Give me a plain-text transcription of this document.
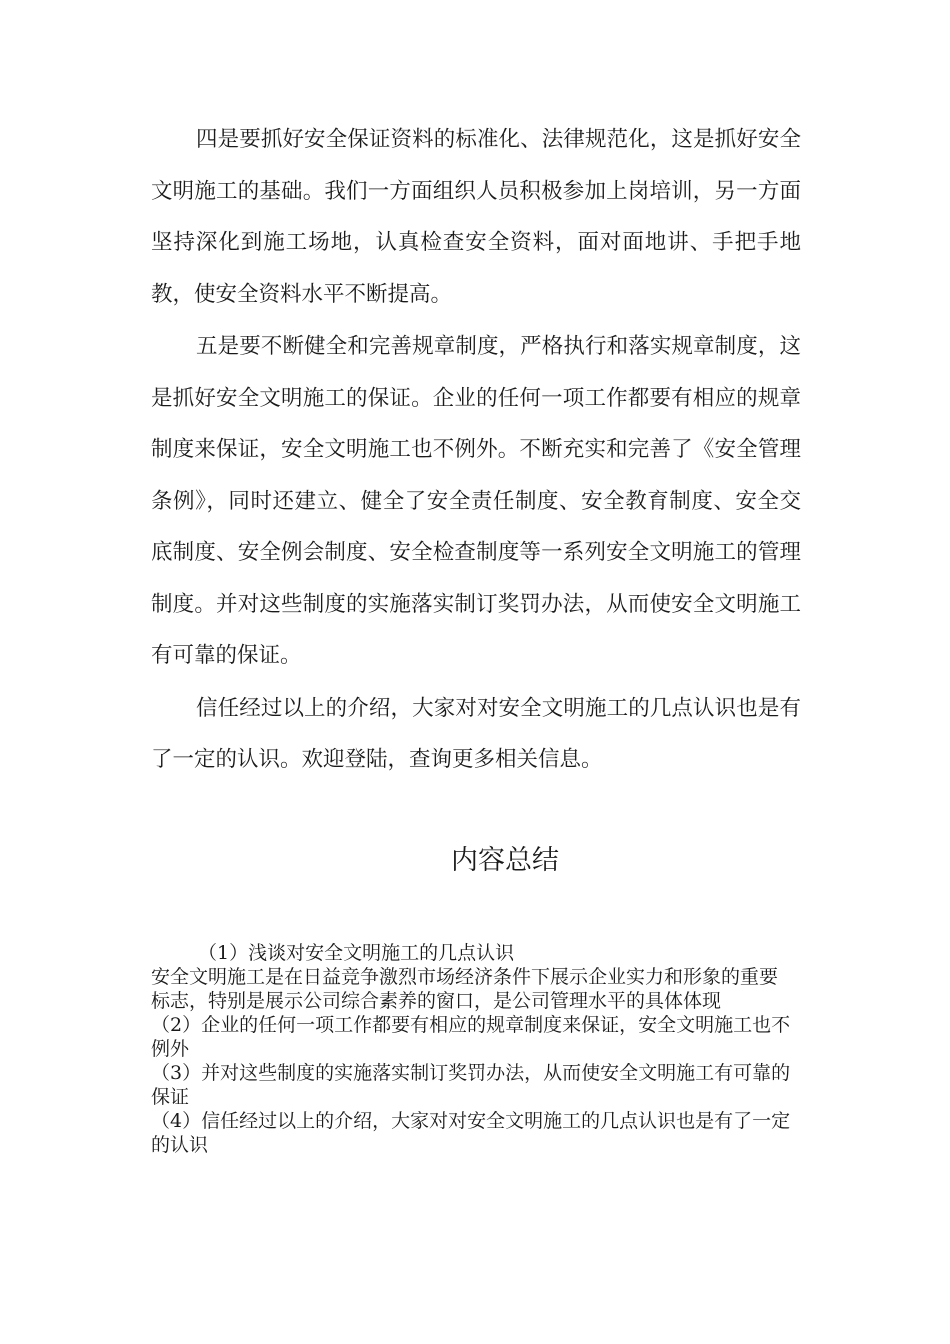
四是要抓好安全保证资料的标准化、法律规范化，这是抓好安全文明施工的基础。我们一方面组织人员积极参加上岗培训，另一方面坚持深化到施工场地，认真检查安全资料，面对面地讲、手把手地教，使安全资料水平不断提高。

五是要不断健全和完善规章制度，严格执行和落实规章制度，这是抓好安全文明施工的保证。企业的任何一项工作都要有相应的规章制度来保证，安全文明施工也不例外。不断充实和完善了《安全管理条例》，同时还建立、健全了安全责任制度、安全教育制度、安全交底制度、安全例会制度、安全检查制度等一系列安全文明施工的管理制度。并对这些制度的实施落实制订奖罚办法，从而使安全文明施工有可靠的保证。

信任经过以上的介绍，大家对对安全文明施工的几点认识也是有了一定的认识。欢迎登陆，查询更多相关信息。

内容总结

（1）浅谈对安全文明施工的几点认识

安全文明施工是在日益竞争激烈市场经济条件下展示企业实力和形象的重要标志，特别是展示公司综合素养的窗口，是公司管理水平的具体体现

（2）企业的任何一项工作都要有相应的规章制度来保证，安全文明施工也不例外

（3）并对这些制度的实施落实制订奖罚办法，从而使安全文明施工有可靠的保证

（4）信任经过以上的介绍，大家对对安全文明施工的几点认识也是有了一定的认识
